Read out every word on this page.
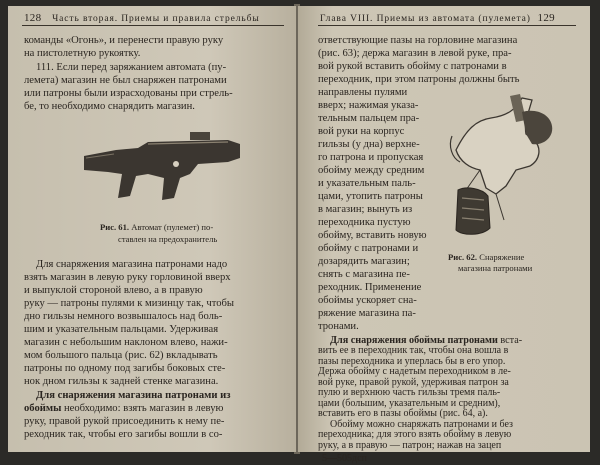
128 Часть вторая. Приемы и правила стрельбы
команды «Огонь», и перенести правую руку
на пистолетную рукоятку.
111. Если перед заряжанием автомата (пу-
лемета) магазин не был снаряжен патронами
или патроны были израсходованы при стрель-
бе, то необходимо снарядить магазин.
Рис. 61. Автомат (пулемет) по-
ставлен на предохранитель
Для снаряжения магазина патронами надо
взять магазин в левую руку горловиной вверх
и выпуклой стороной влево, а в правую
руку — патроны пулями к мизинцу так, чтобы
дно гильзы немного возвышалось над боль-
шим и указательным пальцами. Удерживая
магазин с небольшим наклоном влево, нажи-
мом большого пальца (рис. 62) вкладывать
патроны по одному под загибы боковых сте-
нок дном гильзы к задней стенке магазина.
Для снаряжения магазина патронами из
обоймы необходимо: взять магазин в левую
руку, правой рукой присоединить к нему пе-
реходник так, чтобы его загибы вошли в со-
Глава VIII. Приемы из автомата (пулемета) 129
ответствующие пазы на горловине магазина
(рис. 63); держа магазин в левой руке, пра-
вой рукой вставить обойму с патронами в
переходник, при этом патроны должны быть
направлены пулями
вверх; нажимая указа-
тельным пальцем пра-
вой руки на корпус
гильзы (у дна) верхне-
го патрона и пропуская
обойму между средним
и указательным паль-
цами, утопить патроны
в магазин; вынуть из
переходника пустую
обойму, вставить новую
обойму с патронами и
дозарядить магазин;
снять с магазина пе-
реходник. Применение
обоймы ускоряет сна-
ряжение магазина па-
тронами.
Рис. 62. Снаряжение
магазина патронами
Для снаряжения обоймы патронами вста-
вить ее в переходник так, чтобы она вошла в
пазы переходника и уперлась бы в его упор.
Держа обойму с надетым переходником в ле-
вой руке, правой рукой, удерживая патрон за
пулю и верхнюю часть гильзы тремя паль-
цами (большим, указательным и средним),
вставить его в пазы обоймы (рис. 64, а).
Обойму можно снаряжать патронами и без
переходника; для этого взять обойму в левую
руку, а в правую — патрон; нажав на зацеп
5—505дсп
